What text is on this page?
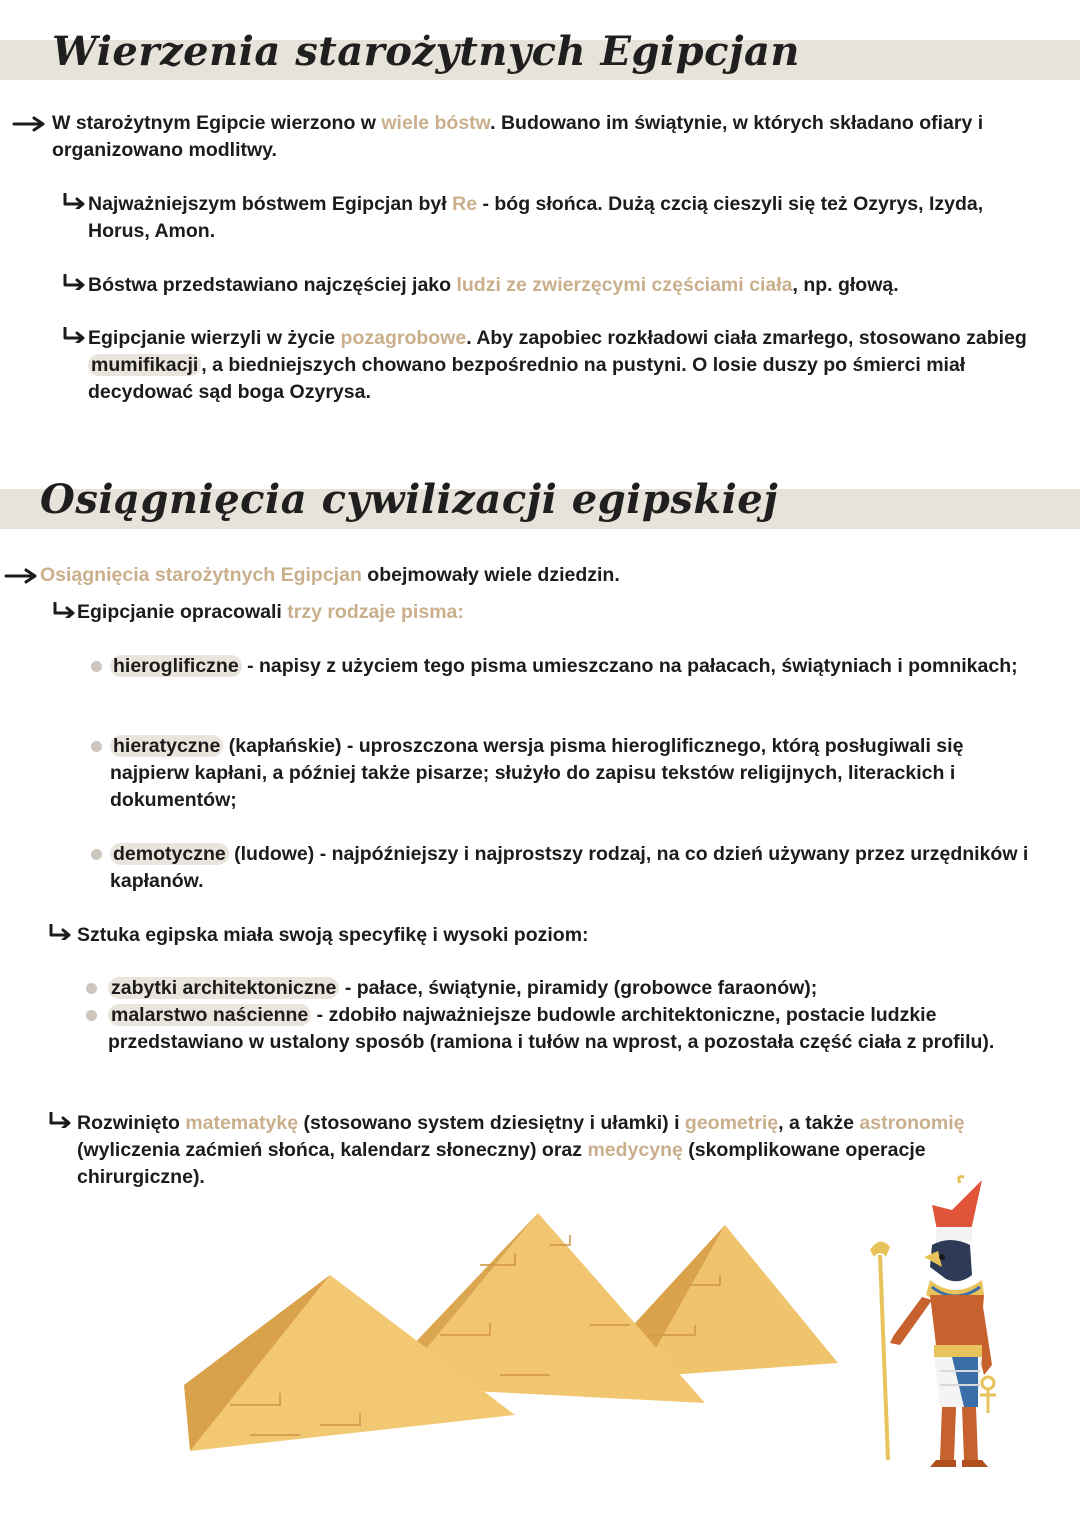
Wierzenia starożytnych Egipcjan

W starożytnym Egipcie wierzono w wiele bóstw. Budowano im świątynie, w których składano ofiary i organizowano modlitwy.

Najważniejszym bóstwem Egipcjan był Re - bóg słońca. Dużą czcią cieszyli się też Ozyrys, Izyda, Horus, Amon.

Bóstwa przedstawiano najczęściej jako ludzi ze zwierzęcymi częściami ciała, np. głową.

Egipcjanie wierzyli w życie pozagrobowe. Aby zapobiec rozkładowi ciała zmarłego, stosowano zabieg mumifikacji , a biedniejszych chowano bezpośrednio na pustyni. O losie duszy po śmierci miał decydować sąd boga Ozyrysa.

Osiągnięcia cywilizacji egipskiej

Osiągnięcia starożytnych Egipcjan obejmowały wiele dziedzin.

Egipcjanie opracowali trzy rodzaje pisma:

hieroglificzne - napisy z użyciem tego pisma umieszczano na pałacach, świątyniach i pomnikach;

hieratyczne (kapłańskie) - uproszczona wersja pisma hieroglificznego, którą posługiwali się najpierw kapłani, a później także pisarze; służyło do zapisu tekstów religijnych, literackich i dokumentów;

demotyczne (ludowe) - najpóźniejszy i najprostszy rodzaj, na co dzień używany przez urzędników i kapłanów.

Sztuka egipska miała swoją specyfikę i wysoki poziom:

zabytki architektoniczne - pałace, świątynie, piramidy (grobowce faraonów);

malarstwo naścienne - zdobiło najważniejsze budowle architektoniczne, postacie ludzkie przedstawiano w ustalony sposób (ramiona i tułów na wprost, a pozostała część ciała z profilu).

Rozwinięto matematykę (stosowano system dziesiętny i ułamki) i geometrię, a także astronomię (wyliczenia zaćmień słońca, kalendarz słoneczny) oraz medycynę (skomplikowane operacje chirurgiczne).
